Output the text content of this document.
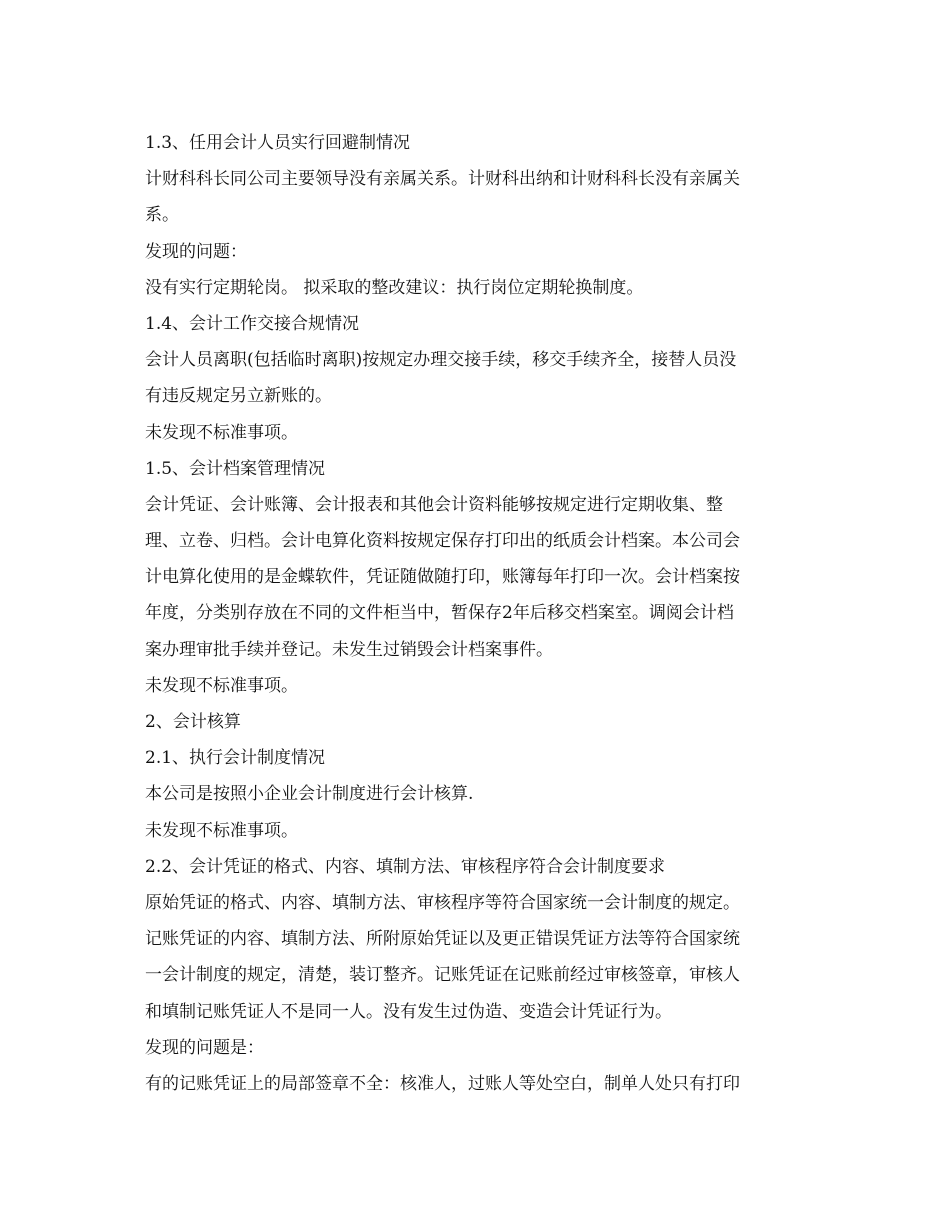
1.3、任用会计人员实行回避制情况
计财科科长同公司主要领导没有亲属关系。计财科出纳和计财科科长没有亲属关
系。
发现的问题：
没有实行定期轮岗。 拟采取的整改建议：执行岗位定期轮换制度。
1.4、会计工作交接合规情况
会计人员离职(包括临时离职)按规定办理交接手续，移交手续齐全，接替人员没
有违反规定另立新账的。
未发现不标准事项。
1.5、会计档案管理情况
会计凭证、会计账簿、会计报表和其他会计资料能够按规定进行定期收集、整
理、立卷、归档。会计电算化资料按规定保存打印出的纸质会计档案。本公司会
计电算化使用的是金蝶软件，凭证随做随打印，账簿每年打印一次。会计档案按
年度，分类别存放在不同的文件柜当中，暂保存2年后移交档案室。调阅会计档
案办理审批手续并登记。未发生过销毁会计档案事件。
未发现不标准事项。
2、会计核算
2.1、执行会计制度情况
本公司是按照小企业会计制度进行会计核算.
未发现不标准事项。
2.2、会计凭证的格式、内容、填制方法、审核程序符合会计制度要求
原始凭证的格式、内容、填制方法、审核程序等符合国家统一会计制度的规定。
记账凭证的内容、填制方法、所附原始凭证以及更正错误凭证方法等符合国家统
一会计制度的规定，清楚，装订整齐。记账凭证在记账前经过审核签章，审核人
和填制记账凭证人不是同一人。没有发生过伪造、变造会计凭证行为。
发现的问题是：
有的记账凭证上的局部签章不全：核准人，过账人等处空白，制单人处只有打印
